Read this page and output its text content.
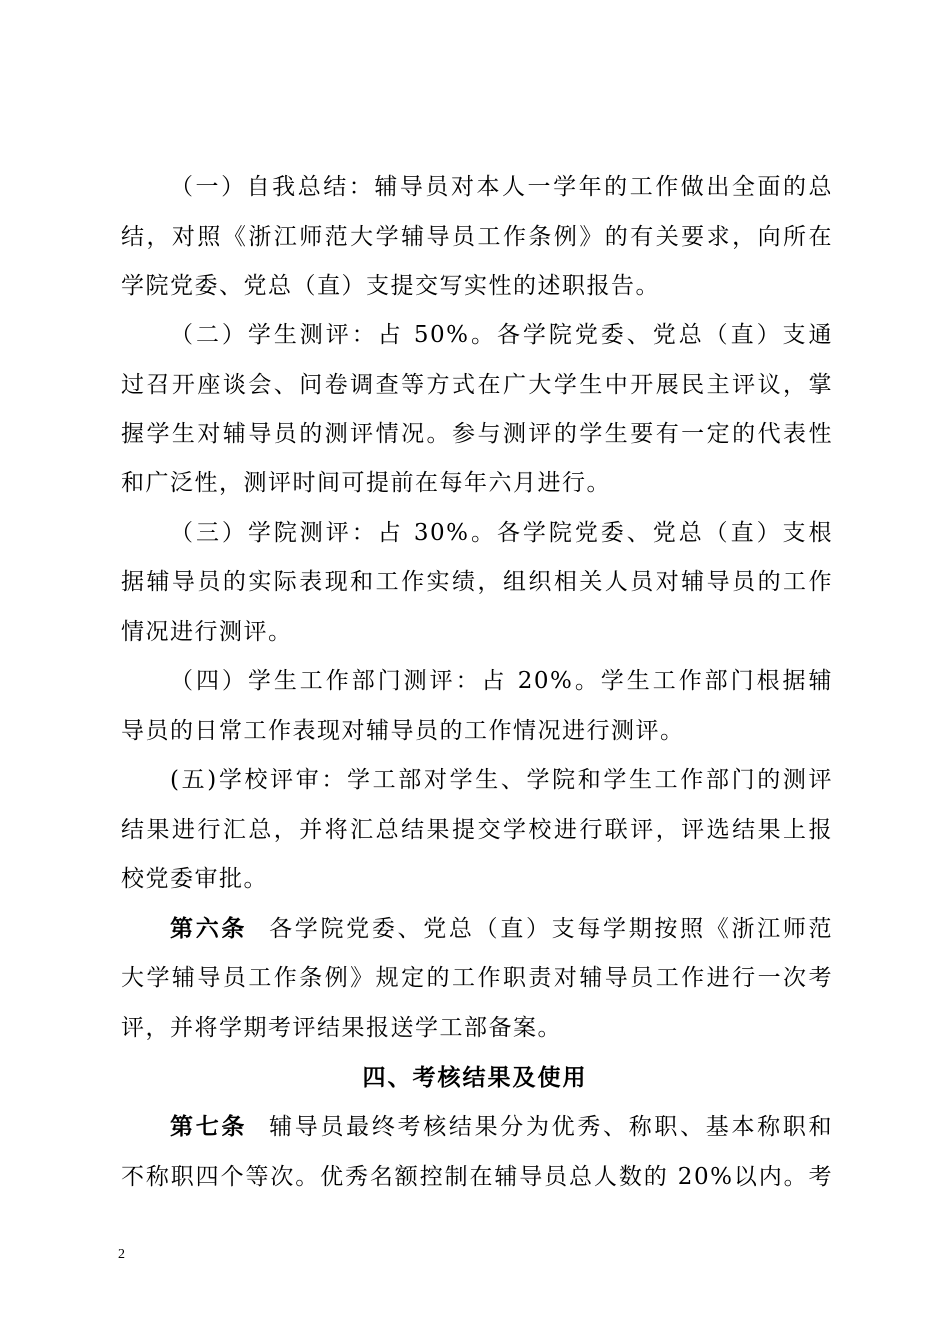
（一）自我总结：辅导员对本人一学年的工作做出全面的总
结，对照《浙江师范大学辅导员工作条例》的有关要求，向所在
学院党委、党总（直）支提交写实性的述职报告。
（二）学生测评：占 50%。各学院党委、党总（直）支通
过召开座谈会、问卷调查等方式在广大学生中开展民主评议，掌
握学生对辅导员的测评情况。参与测评的学生要有一定的代表性
和广泛性，测评时间可提前在每年六月进行。
（三）学院测评：占 30%。各学院党委、党总（直）支根
据辅导员的实际表现和工作实绩，组织相关人员对辅导员的工作
情况进行测评。
（四）学生工作部门测评：占 20%。学生工作部门根据辅
导员的日常工作表现对辅导员的工作情况进行测评。
(五)学校评审：学工部对学生、学院和学生工作部门的测评
结果进行汇总，并将汇总结果提交学校进行联评，评选结果上报
校党委审批。
第六条 各学院党委、党总（直）支每学期按照《浙江师范
大学辅导员工作条例》规定的工作职责对辅导员工作进行一次考
评，并将学期考评结果报送学工部备案。
四、考核结果及使用
第七条 辅导员最终考核结果分为优秀、称职、基本称职和
不称职四个等次。优秀名额控制在辅导员总人数的 20%以内。考
2
